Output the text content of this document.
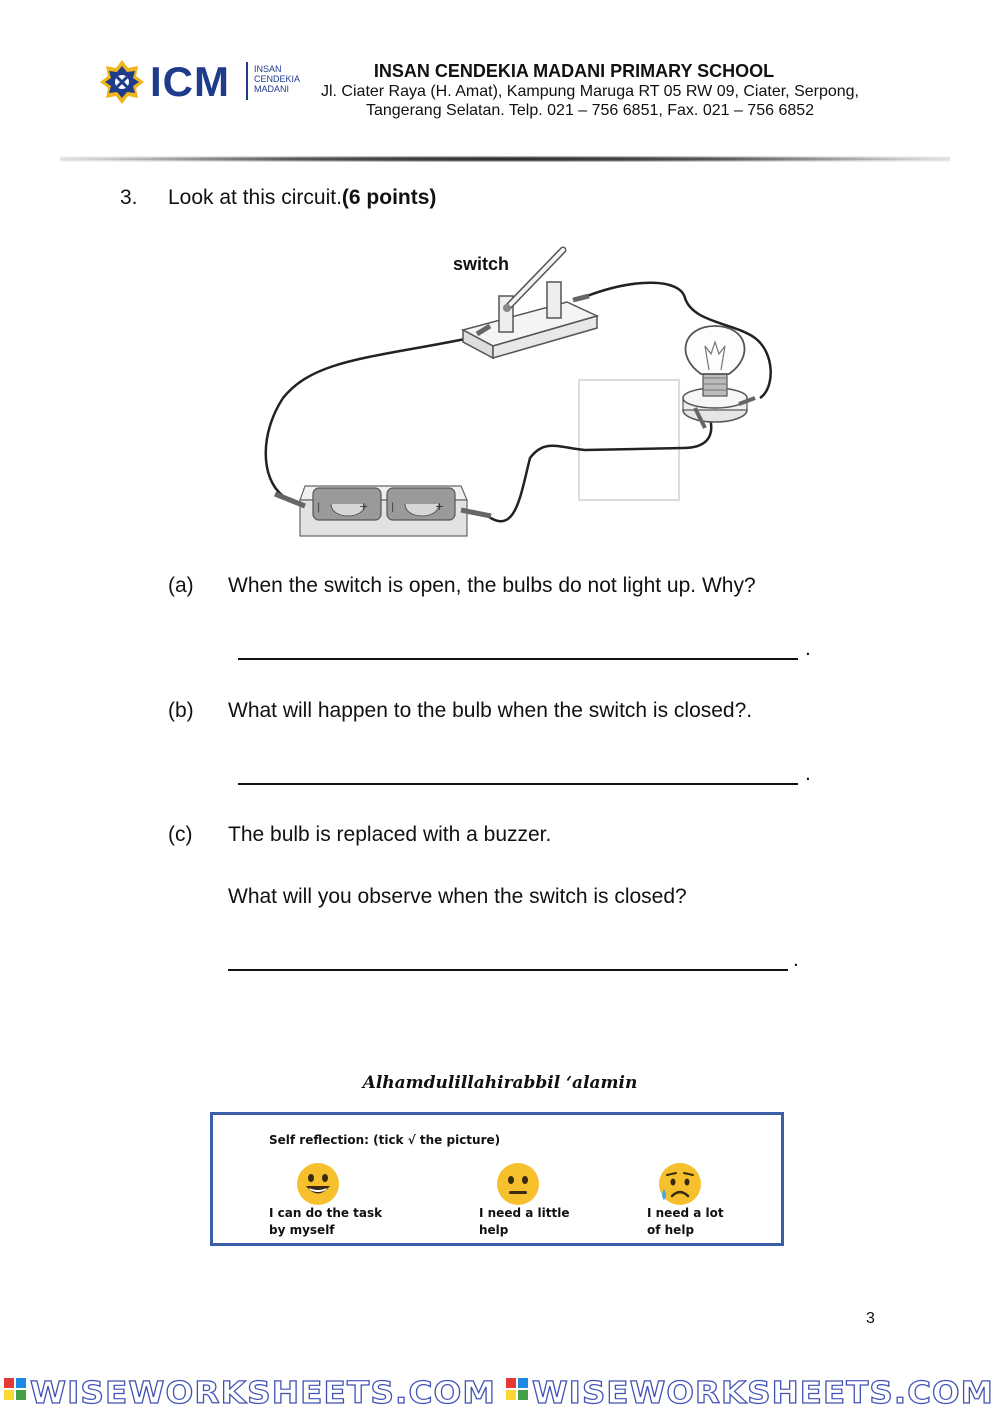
ICM	INSAN
CENDEKIA
MADANI
INSAN CENDEKIA MADANI PRIMARY SCHOOL
Jl. Ciater Raya (H. Amat), Kampung Maruga RT 05 RW 09, Ciater, Serpong,
Tangerang Selatan. Telp. 021 – 756 6851, Fax. 021 – 756 6852
3. Look at this circuit.(6 points)
switch
|	+ |	+
(a) When the switch is open, the bulbs do not light up. Why?
.
(b) What will happen to the bulb when the switch is closed?.
.
(c) The bulb is replaced with a buzzer.
What will you observe when the switch is closed?
.
Alhamdulillahirabbil ‘alamin
Self reflection: (tick √ the picture)
I can do the task
by myself
I need a little
help
I need a lot
of help
3
WISEWORKSHEETS.COM WISEWORKSHEETS.COM
